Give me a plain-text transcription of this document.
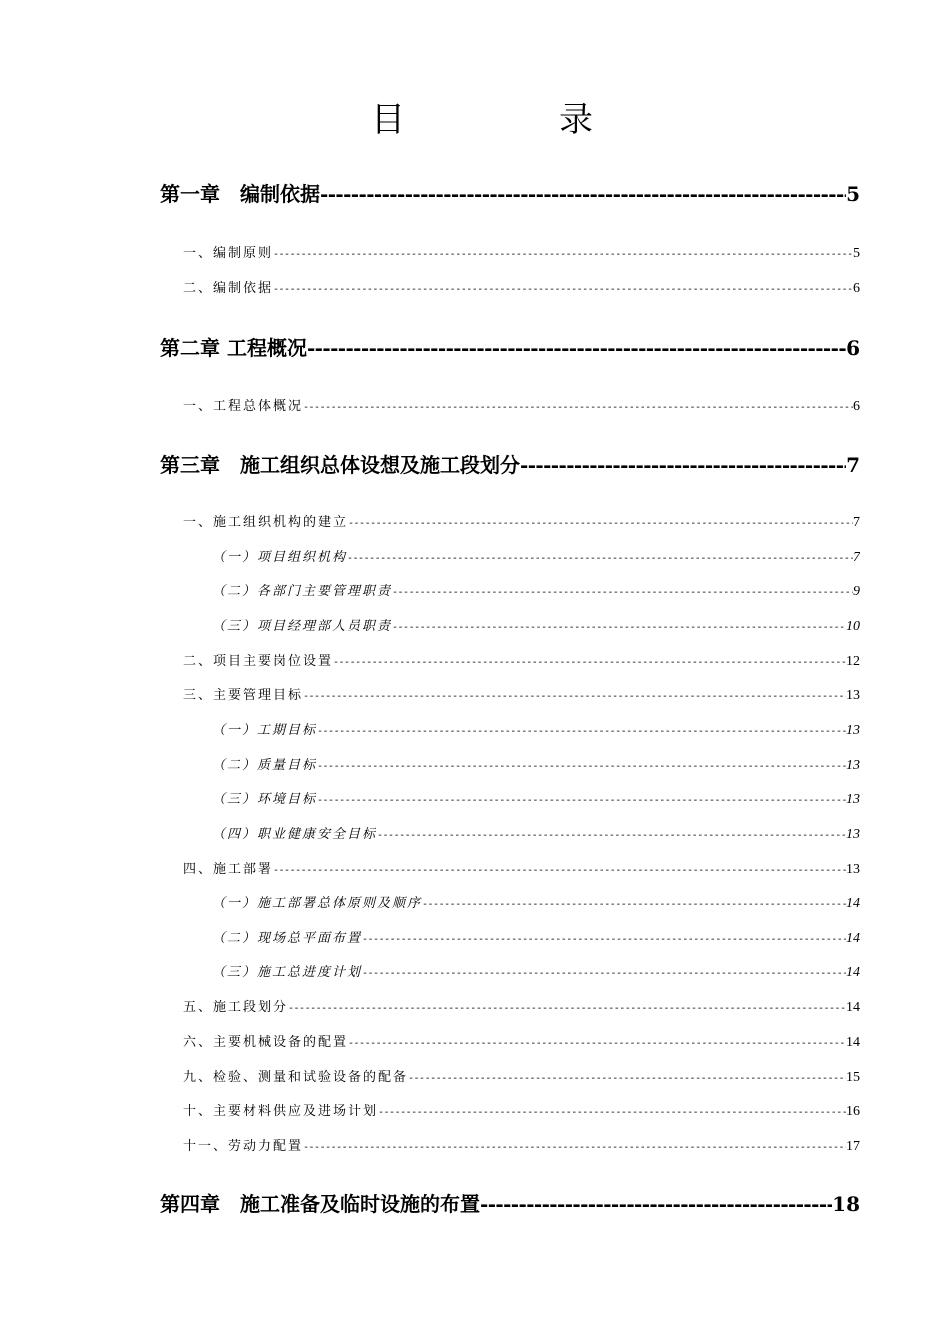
目　录
第一章　编制依据 -----	5
一、编制原则 -----	5
二、编制依据 -----	6
第二章 工程概况 -----	6
一、工程总体概况 -----	6
第三章　施工组织总体设想及施工段划分 -----	7
一、施工组织机构的建立 -----	7
（一）项目组织机构 -----	7
（二）各部门主要管理职责 -----	9
（三）项目经理部人员职责 -----	10
二、项目主要岗位设置 -----	12
三、主要管理目标 -----	13
（一）工期目标 -----	13
（二）质量目标 -----	13
（三）环境目标 -----	13
（四）职业健康安全目标 -----	13
四、施工部署 -----	13
（一）施工部署总体原则及顺序 -----	14
（二）现场总平面布置 -----	14
（三）施工总进度计划 -----	14
五、施工段划分 -----	14
六、主要机械设备的配置 -----	14
九、检验、测量和试验设备的配备 -----	15
十、主要材料供应及进场计划 -----	16
十一、劳动力配置 -----	17
第四章　施工准备及临时设施的布置 -----	18
